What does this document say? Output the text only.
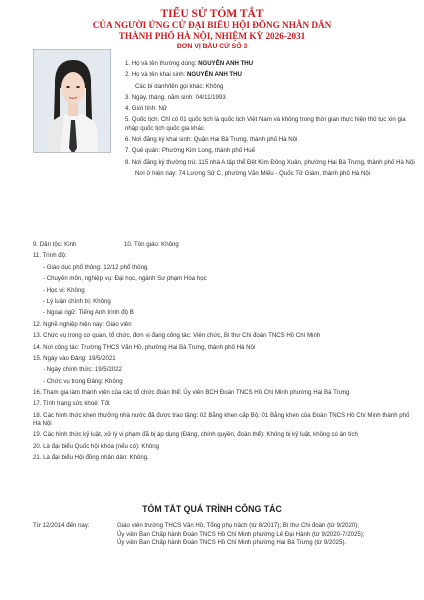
TIỂU SỬ TÓM TẮT
CỦA NGƯỜI ỨNG CỬ ĐẠI BIỂU HỘI ĐỒNG NHÂN DÂN
THÀNH PHỐ HÀ NỘI, NHIỆM KỲ 2026-2031
ĐƠN VỊ BẦU CỬ SỐ 3
1. Họ và tên thường dùng: NGUYỄN ANH THU
2. Họ và tên khai sinh: NGUYỄN ANH THU
Các bí danh/tên gọi khác: Không
3. Ngày, tháng, năm sinh: 04/11/1993
4. Giới tính: Nữ
5. Quốc tịch: Chỉ có 01 quốc tịch là quốc tịch Việt Nam và không trong thời gian thực hiện thủ tục xin gia nhập quốc tịch quốc gia khác
6. Nơi đăng ký khai sinh: Quận Hai Bà Trưng, thành phố Hà Nội
7. Quê quán: Phường Kim Long, thành phố Huế
8. Nơi đăng ký thường trú: 115 nhà A tập thể Đệt Kim Đông Xuân, phường Hai Bà Trưng, thành phố Hà Nội
Nơi ở hiện nay: 74 Lương Sử C, phường Văn Miếu - Quốc Tử Giám, thành phố Hà Nội
9. Dân tộc: Kinh	10. Tôn giáo: Không
11. Trình độ:
- Giáo dục phổ thông: 12/12 phổ thông
- Chuyên môn, nghiệp vụ: Đại học, ngành Sư phạm Hóa học
- Học vị: Không
- Lý luận chính trị: Không
- Ngoại ngữ: Tiếng Anh trình độ B
12. Nghề nghiệp hiện nay: Giáo viên
13. Chức vụ trong cơ quan, tổ chức, đơn vị đang công tác: Viên chức, Bí thư Chi đoàn TNCS Hồ Chí Minh
14. Nơi công tác: Trường THCS Văn Hồ, phường Hai Bà Trưng, thành phố Hà Nội
15. Ngày vào Đảng: 19/5/2021
- Ngày chính thức: 19/5/2022
- Chức vụ trong Đảng: Không
16. Tham gia làm thành viên của các tổ chức đoàn thể: Ủy viên BCH Đoàn TNCS Hồ Chí Minh phường Hai Bà Trưng
17. Tình trạng sức khoẻ: Tốt
18. Các hình thức khen thưởng nhà nước đã được trao tặng: 02 Bằng khen cấp Bộ; 01 Bằng khen của Đoàn TNCS Hồ Chí Minh thành phố Hà Nội
19. Các hình thức kỷ luật, xử lý vi phạm đã bị áp dụng (Đảng, chính quyền, đoàn thể): Không bị kỷ luật, không có án tích
20. Là đại biểu Quốc hội khóa (nếu có): Không
21. Là đại biểu Hội đồng nhân dân: Không.
TÓM TẮT QUÁ TRÌNH CÔNG TÁC
Từ 12/2014 đến nay:	Giáo viên trường THCS Văn Hồ; Tổng phụ trách (từ 8/2017); Bí thư Chi đoàn (từ 9/2020);
Ủy viên Ban Chấp hành Đoàn TNCS Hồ Chí Minh phường Lê Đại Hành (từ 9/2020-7/2025);
Ủy viên Ban Chấp hành Đoàn TNCS Hồ Chí Minh phường Hai Bà Trưng (từ 9/2025).
